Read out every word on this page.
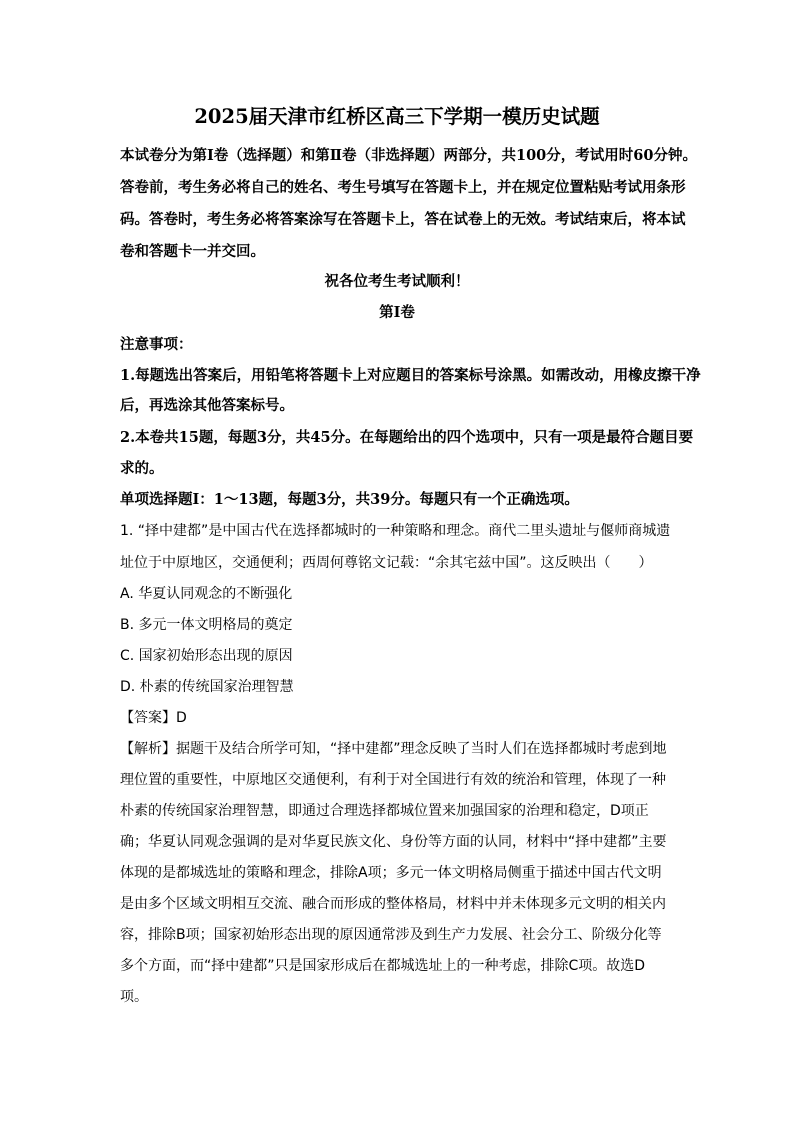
2025届天津市红桥区高三下学期一模历史试题
本试卷分为第Ⅰ卷（选择题）和第Ⅱ卷（非选择题）两部分，共100分，考试用时60分钟。
答卷前，考生务必将自己的姓名、考生号填写在答题卡上，并在规定位置粘贴考试用条形
码。答卷时，考生务必将答案涂写在答题卡上，答在试卷上的无效。考试结束后，将本试
卷和答题卡一并交回。
祝各位考生考试顺利！
第Ⅰ卷
注意事项：
1.每题选出答案后，用铅笔将答题卡上对应题目的答案标号涂黑。如需改动，用橡皮擦干净
后，再选涂其他答案标号。
2.本卷共15题，每题3分，共45分。在每题给出的四个选项中，只有一项是最符合题目要
求的。
单项选择题Ⅰ：1～13题，每题3分，共39分。每题只有一个正确选项。
1. “择中建都”是中国古代在选择都城时的一种策略和理念。商代二里头遗址与偃师商城遗
址位于中原地区，交通便利；西周何尊铭文记载：“余其宅兹中国”。这反映出（　　）
A. 华夏认同观念的不断强化
B. 多元一体文明格局的奠定
C. 国家初始形态出现的原因
D. 朴素的传统国家治理智慧
【答案】D
【解析】据题干及结合所学可知，“择中建都”理念反映了当时人们在选择都城时考虑到地
理位置的重要性，中原地区交通便利，有利于对全国进行有效的统治和管理，体现了一种
朴素的传统国家治理智慧，即通过合理选择都城位置来加强国家的治理和稳定，D项正
确；华夏认同观念强调的是对华夏民族文化、身份等方面的认同，材料中“择中建都”主要
体现的是都城选址的策略和理念，排除A项；多元一体文明格局侧重于描述中国古代文明
是由多个区域文明相互交流、融合而形成的整体格局，材料中并未体现多元文明的相关内
容，排除B项；国家初始形态出现的原因通常涉及到生产力发展、社会分工、阶级分化等
多个方面，而“择中建都”只是国家形成后在都城选址上的一种考虑，排除C项。故选D
项。
